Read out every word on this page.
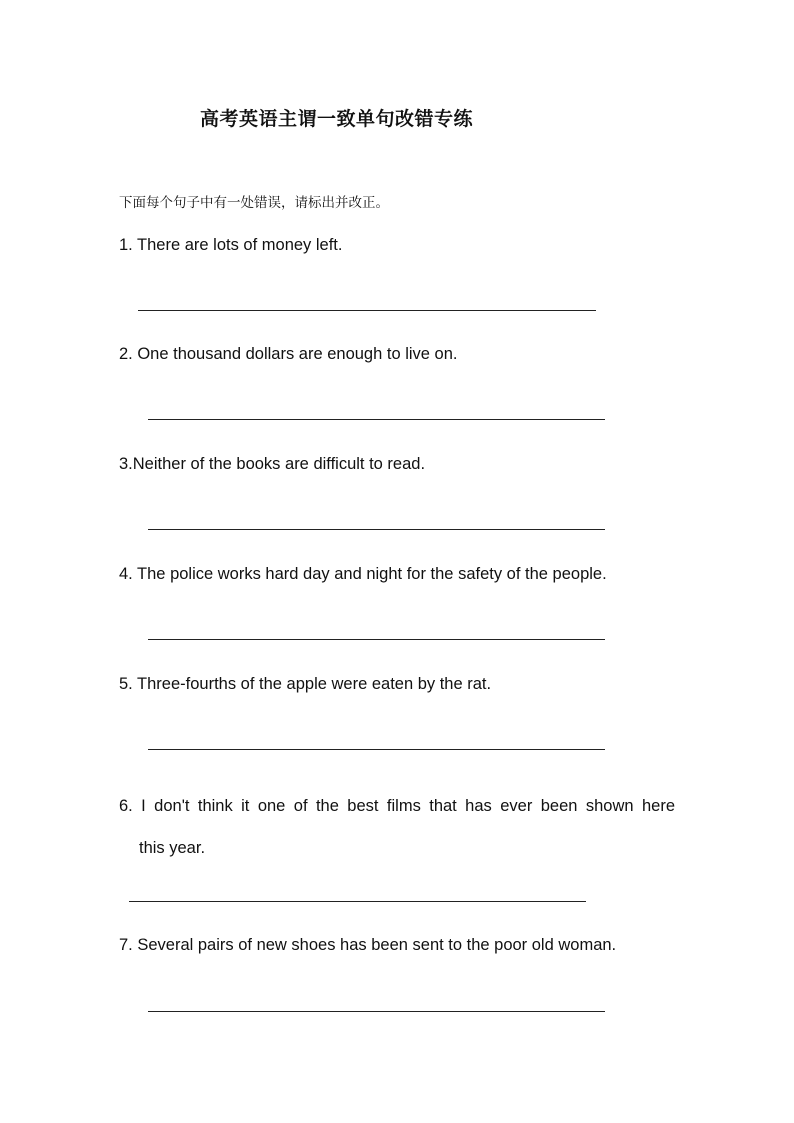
高考英语主谓一致单句改错专练
下面每个句子中有一处错误，请标出并改正。
1. There are lots of money left.
2. One thousand dollars are enough to live on.
3.Neither of the books are difficult to read.
4. The police works hard day and night for the safety of the people.
5. Three-fourths of the apple were eaten by the rat.
6. I don't think it one of the best films that has ever been shown here
this year.
7. Several pairs of new shoes has been sent to the poor old woman.
